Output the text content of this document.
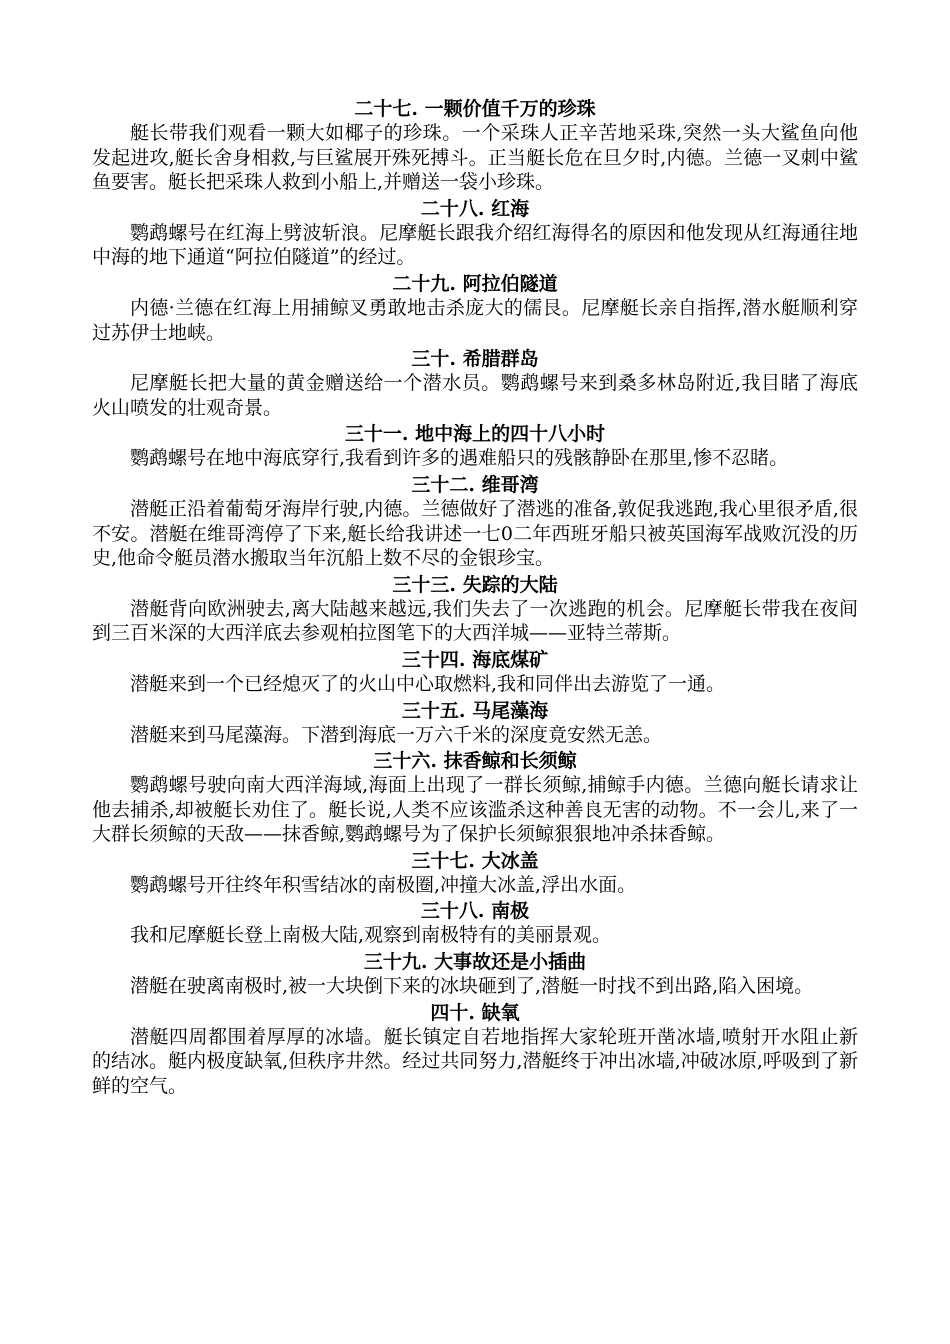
二十七. 一颗价值千万的珍珠

艇长带我们观看一颗大如椰子的珍珠。一个采珠人正辛苦地采珠,突然一头大鲨鱼向他发起进攻,艇长舍身相救,与巨鲨展开殊死搏斗。正当艇长危在旦夕时,内德。兰德一叉刺中鲨鱼要害。艇长把采珠人救到小船上,并赠送一袋小珍珠。

二十八. 红海

鹦鹉螺号在红海上劈波斩浪。尼摩艇长跟我介绍红海得名的原因和他发现从红海通往地中海的地下通道“阿拉伯隧道”的经过。

二十九. 阿拉伯隧道

内德·兰德在红海上用捕鲸叉勇敢地击杀庞大的儒艮。尼摩艇长亲自指挥,潜水艇顺利穿过苏伊士地峡。

三十. 希腊群岛

尼摩艇长把大量的黄金赠送给一个潜水员。鹦鹉螺号来到桑多林岛附近,我目睹了海底火山喷发的壮观奇景。

三十一. 地中海上的四十八小时

鹦鹉螺号在地中海底穿行,我看到许多的遇难船只的残骸静卧在那里,惨不忍睹。

三十二. 维哥湾

潜艇正沿着葡萄牙海岸行驶,内德。兰德做好了潜逃的准备,敦促我逃跑,我心里很矛盾,很不安。潜艇在维哥湾停了下来,艇长给我讲述一七0二年西班牙船只被英国海军战败沉没的历史,他命令艇员潜水搬取当年沉船上数不尽的金银珍宝。

三十三. 失踪的大陆

潜艇背向欧洲驶去,离大陆越来越远,我们失去了一次逃跑的机会。尼摩艇长带我在夜间到三百米深的大西洋底去参观柏拉图笔下的大西洋城——亚特兰蒂斯。

三十四. 海底煤矿

潜艇来到一个已经熄灭了的火山中心取燃料,我和同伴出去游览了一通。

三十五. 马尾藻海

潜艇来到马尾藻海。下潜到海底一万六千米的深度竟安然无恙。

三十六. 抹香鲸和长须鲸

鹦鹉螺号驶向南大西洋海域,海面上出现了一群长须鲸,捕鲸手内德。兰德向艇长请求让他去捕杀,却被艇长劝住了。艇长说,人类不应该滥杀这种善良无害的动物。不一会儿,来了一大群长须鲸的天敌——抹香鲸,鹦鹉螺号为了保护长须鲸狠狠地冲杀抹香鲸。

三十七. 大冰盖

鹦鹉螺号开往终年积雪结冰的南极圈,冲撞大冰盖,浮出水面。

三十八. 南极

我和尼摩艇长登上南极大陆,观察到南极特有的美丽景观。

三十九. 大事故还是小插曲

潜艇在驶离南极时,被一大块倒下来的冰块砸到了,潜艇一时找不到出路,陷入困境。

四十. 缺氧

潜艇四周都围着厚厚的冰墙。艇长镇定自若地指挥大家轮班开凿冰墙,喷射开水阻止新的结冰。艇内极度缺氧,但秩序井然。经过共同努力,潜艇终于冲出冰墙,冲破冰原,呼吸到了新鲜的空气。
